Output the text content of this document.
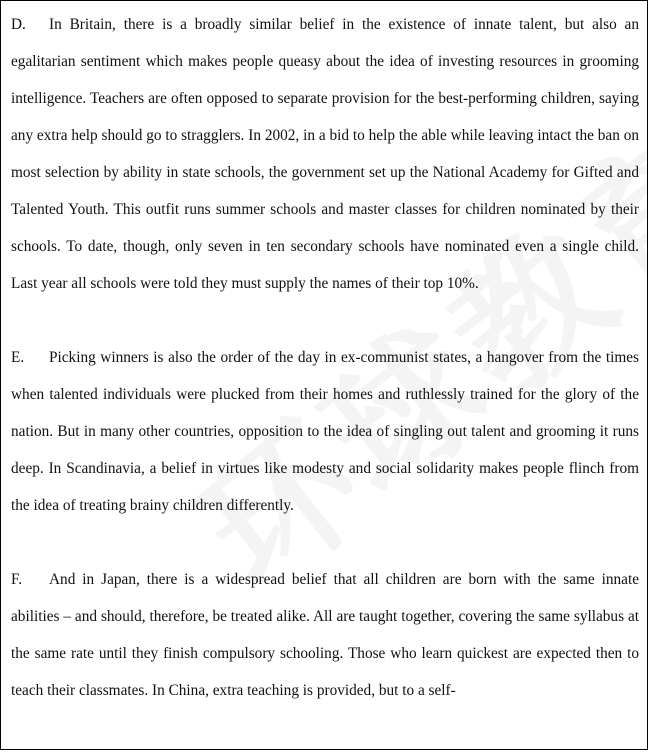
D. In Britain, there is a broadly similar belief in the existence of innate talent, but also an egalitarian sentiment which makes people queasy about the idea of investing resources in grooming intelligence. Teachers are often opposed to separate provision for the best-performing children, saying any extra help should go to stragglers. In 2002, in a bid to help the able while leaving intact the ban on most selection by ability in state schools, the government set up the National Academy for Gifted and Talented Youth. This outfit runs summer schools and master classes for children nominated by their schools. To date, though, only seven in ten secondary schools have nominated even a single child. Last year all schools were told they must supply the names of their top 10%.

E. Picking winners is also the order of the day in ex-communist states, a hangover from the times when talented individuals were plucked from their homes and ruthlessly trained for the glory of the nation. But in many other countries, opposition to the idea of singling out talent and grooming it runs deep. In Scandinavia, a belief in virtues like modesty and social solidarity makes people flinch from the idea of treating brainy children differently.

F. And in Japan, there is a widespread belief that all children are born with the same innate abilities – and should, therefore, be treated alike. All are taught together, covering the same syllabus at the same rate until they finish compulsory schooling. Those who learn quickest are expected then to teach their classmates. In China, extra teaching is provided, but to a self-
